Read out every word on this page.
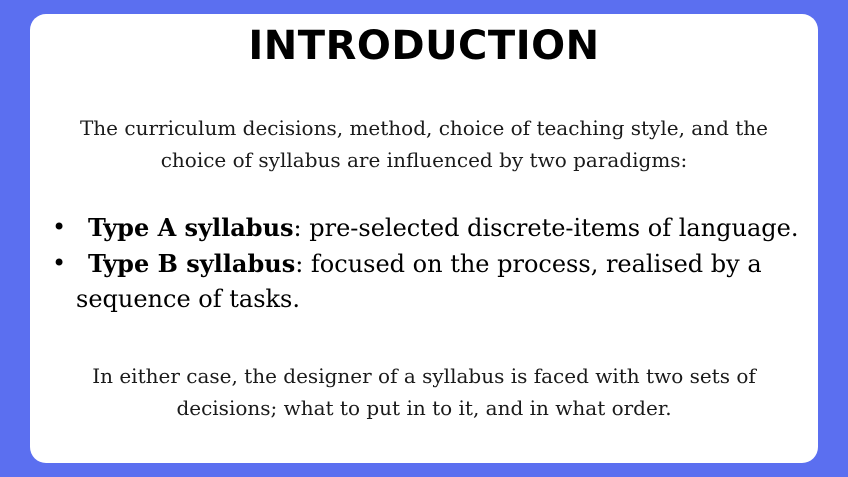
INTRODUCTION
The curriculum decisions, method, choice of teaching style, and the
choice of syllabus are influenced by two paradigms:
• Type A syllabus: pre-selected discrete-items of language.
• Type B syllabus: focused on the process, realised by a
sequence of tasks.
In either case, the designer of a syllabus is faced with two sets of
decisions; what to put in to it, and in what order.
